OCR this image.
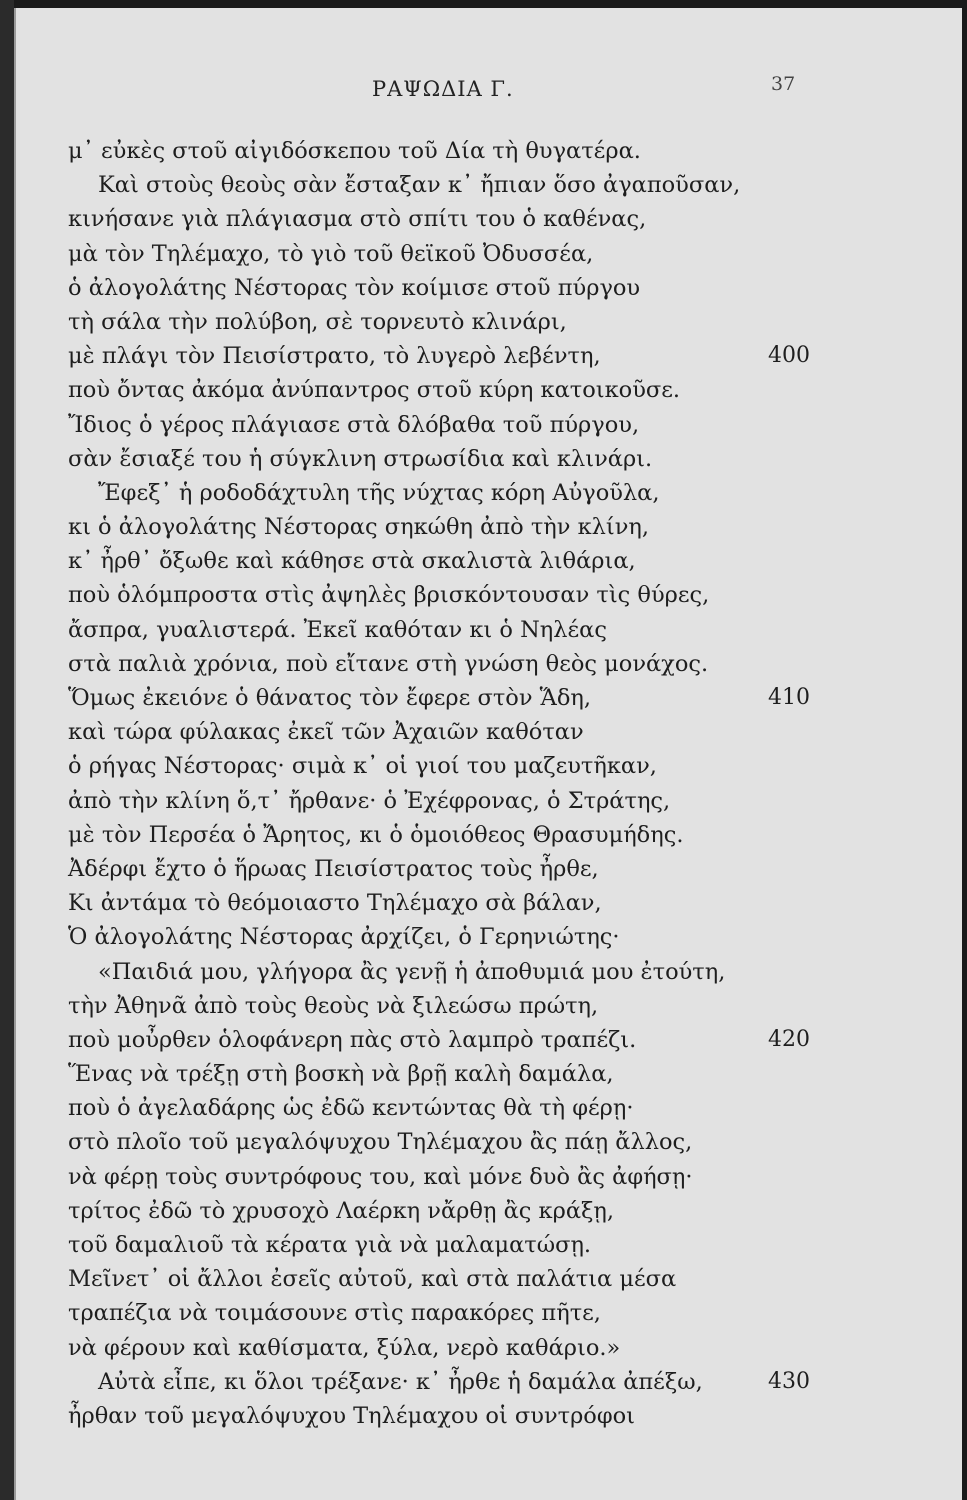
ΡΑΨΩΔΙΑ Γ.	37
μ᾽ εὐκὲς στοῦ αἰγιδόσκεπου τοῦ Δία τὴ θυγατέρα.
Καὶ στοὺς θεοὺς σὰν ἔσταξαν κ᾽ ἤπιαν ὅσο ἀγαποῦσαν,
κινήσανε γιὰ πλάγιασμα στὸ σπίτι του ὁ καθένας,
μὰ τὸν Τηλέμαχο, τὸ γιὸ τοῦ θεϊκοῦ Ὀδυσσέα,
ὁ ἀλογολάτης Νέστορας τὸν κοίμισε στοῦ πύργου
τὴ σάλα τὴν πολύβοη, σὲ τορνευτὸ κλινάρι,
μὲ πλάγι τὸν Πεισίστρατο, τὸ λυγερὸ λεβέντη,	400
ποὺ ὄντας ἀκόμα ἀνύπαντρος στοῦ κύρη κατοικοῦσε.
Ἴδιος ὁ γέρος πλάγιασε στὰ δλόβαθα τοῦ πύργου,
σὰν ἔσιαξέ του ἡ σύγκλινη στρωσίδια καὶ κλινάρι.
Ἔφεξ᾽ ἡ ροδοδάχτυλη τῆς νύχτας κόρη Αὐγοῦλα,
κι ὁ ἀλογολάτης Νέστορας σηκώθη ἀπὸ τὴν κλίνη,
κ᾽ ἦρθ᾽ ὄξωθε καὶ κάθησε στὰ σκαλιστὰ λιθάρια,
ποὺ ὁλόμπροστα στὶς ἀψηλὲς βρισκόντουσαν τὶς θύρες,
ἄσπρα, γυαλιστερά. Ἐκεῖ καθόταν κι ὁ Νηλέας
στὰ παλιὰ χρόνια, ποὺ εἴτανε στὴ γνώση θεὸς μονάχος.
Ὅμως ἐκειόνε ὁ θάνατος τὸν ἔφερε στὸν Ἅδη,	410
καὶ τώρα φύλακας ἐκεῖ τῶν Ἀχαιῶν καθόταν
ὁ ρήγας Νέστορας· σιμὰ κ᾽ οἱ γιοί του μαζευτῆκαν,
ἀπὸ τὴν κλίνη ὅ,τ᾽ ἤρθανε· ὁ Ἐχέφρονας, ὁ Στράτης,
μὲ τὸν Περσέα ὁ Ἄρητος, κι ὁ ὁμοιόθεος Θρασυμήδης.
Ἀδέρφι ἔχτο ὁ ἥρωας Πεισίστρατος τοὺς ἦρθε,
Κι ἀντάμα τὸ θεόμοιαστο Τηλέμαχο σὰ βάλαν,
Ὁ ἀλογολάτης Νέστορας ἀρχίζει, ὁ Γερηνιώτης·
«Παιδιά μου, γλήγορα ἂς γενῇ ἡ ἀποθυμιά μου ἐτούτη,
τὴν Ἀθηνᾶ ἀπὸ τοὺς θεοὺς νὰ ξιλεώσω πρώτη,
ποὺ μοὖρθεν ὁλοφάνερη πὰς στὸ λαμπρὸ τραπέζι.	420
Ἕνας νὰ τρέξῃ στὴ βοσκὴ νὰ βρῇ καλὴ δαμάλα,
ποὺ ὁ ἀγελαδάρης ὡς ἐδῶ κεντώντας θὰ τὴ φέρῃ·
στὸ πλοῖο τοῦ μεγαλόψυχου Τηλέμαχου ἂς πάῃ ἄλλος,
νὰ φέρῃ τοὺς συντρόφους του, καὶ μόνε δυὸ ἂς ἀφήσῃ·
τρίτος ἐδῶ τὸ χρυσοχὸ Λαέρκη νἄρθῃ ἂς κράξῃ,
τοῦ δαμαλιοῦ τὰ κέρατα γιὰ νὰ μαλαματώσῃ.
Μεῖνετ᾽ οἱ ἄλλοι ἐσεῖς αὐτοῦ, καὶ στὰ παλάτια μέσα
τραπέζια νὰ τοιμάσουνε στὶς παρακόρες πῆτε,
νὰ φέρουν καὶ καθίσματα, ξύλα, νερὸ καθάριο.»
Αὐτὰ εἶπε, κι ὅλοι τρέξανε· κ᾽ ἦρθε ἡ δαμάλα ἀπέξω,	430
ἦρθαν τοῦ μεγαλόψυχου Τηλέμαχου οἱ συντρόφοι
